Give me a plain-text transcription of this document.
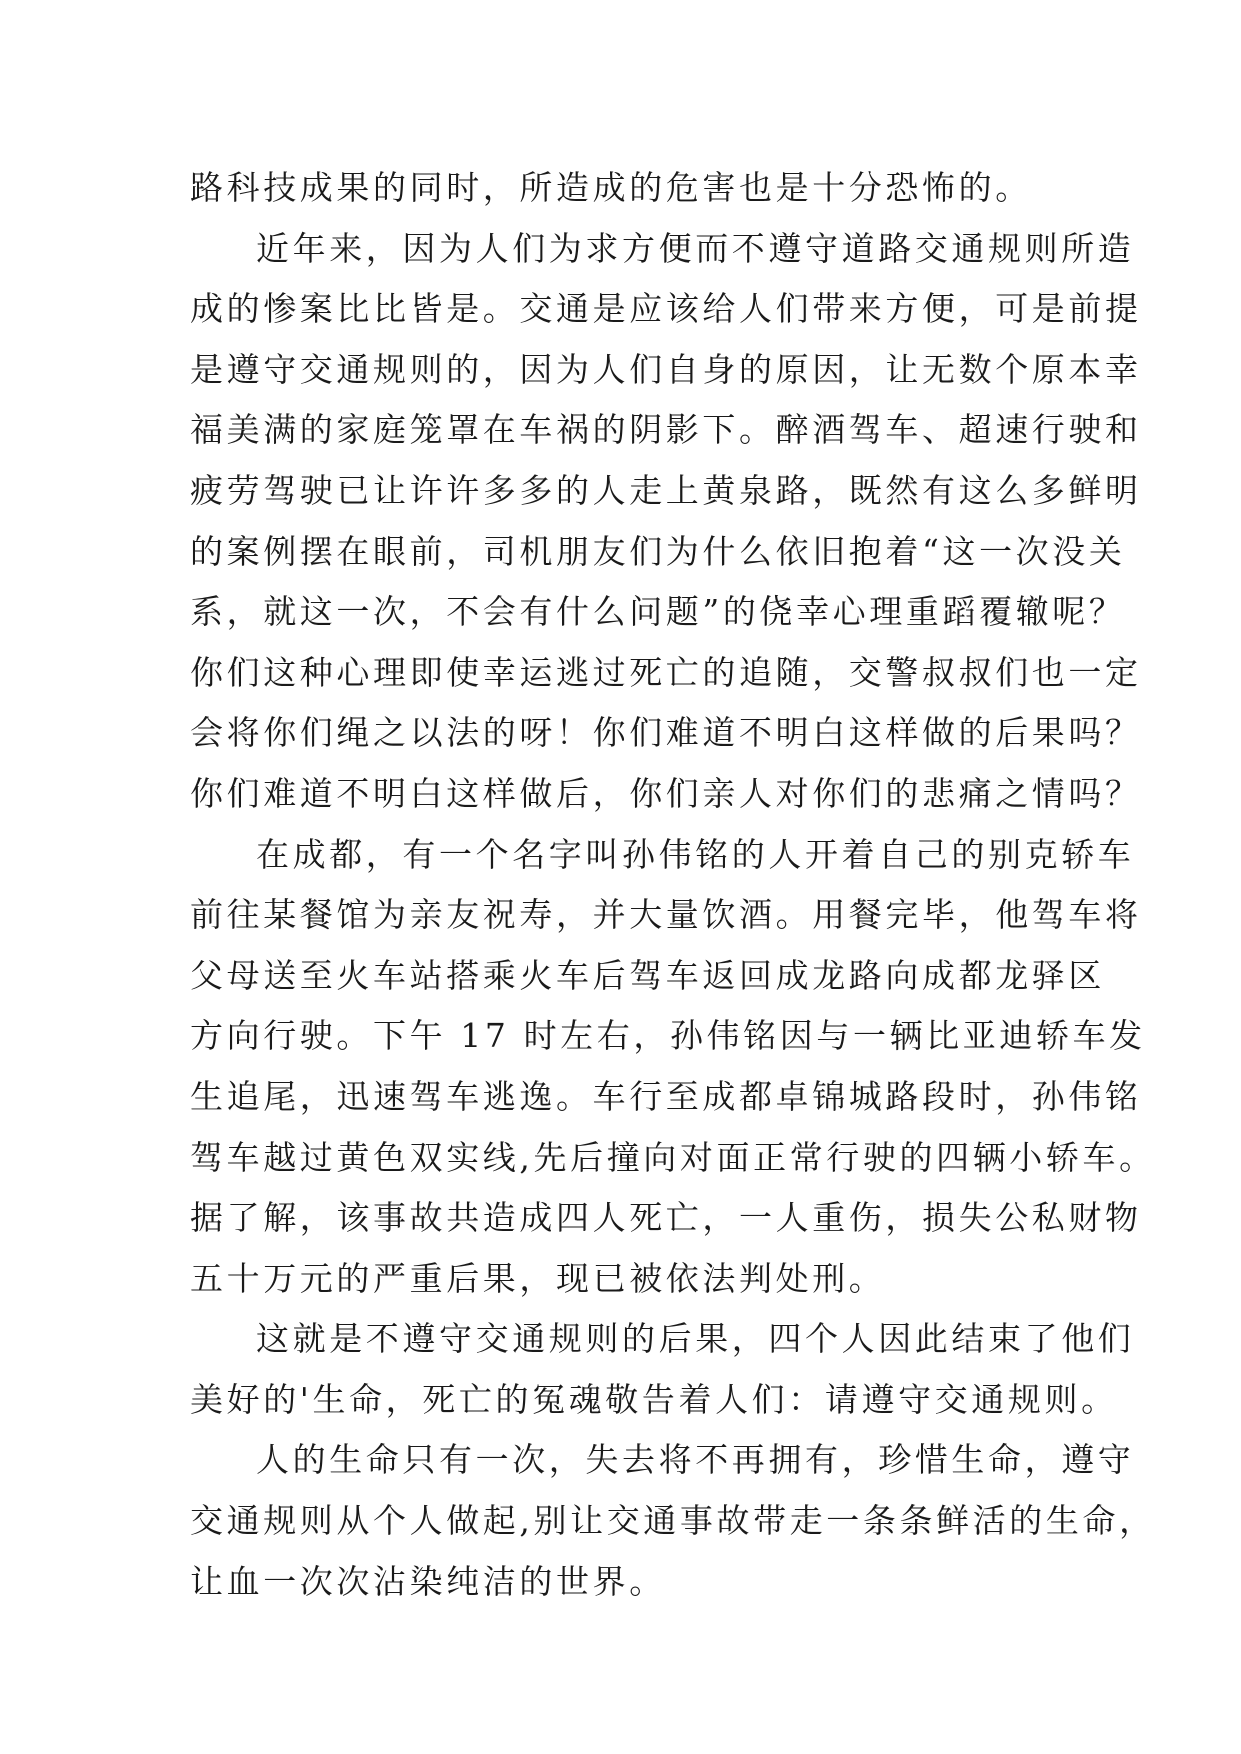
路科技成果的同时，所造成的危害也是十分恐怖的。
近年来，因为人们为求方便而不遵守道路交通规则所造
成的惨案比比皆是。交通是应该给人们带来方便，可是前提
是遵守交通规则的，因为人们自身的原因，让无数个原本幸
福美满的家庭笼罩在车祸的阴影下。醉酒驾车、超速行驶和
疲劳驾驶已让许许多多的人走上黄泉路，既然有这么多鲜明
的案例摆在眼前，司机朋友们为什么依旧抱着“这一次没关
系，就这一次，不会有什么问题”的侥幸心理重蹈覆辙呢？
你们这种心理即使幸运逃过死亡的追随，交警叔叔们也一定
会将你们绳之以法的呀！你们难道不明白这样做的后果吗？
你们难道不明白这样做后，你们亲人对你们的悲痛之情吗？
在成都，有一个名字叫孙伟铭的人开着自己的别克轿车
前往某餐馆为亲友祝寿，并大量饮酒。用餐完毕，他驾车将
父母送至火车站搭乘火车后驾车返回成龙路向成都龙驿区
方向行驶。下午 17 时左右，孙伟铭因与一辆比亚迪轿车发
生追尾，迅速驾车逃逸。车行至成都卓锦城路段时，孙伟铭
驾车越过黄色双实线,先后撞向对面正常行驶的四辆小轿车。
据了解，该事故共造成四人死亡，一人重伤，损失公私财物
五十万元的严重后果，现已被依法判处刑。
这就是不遵守交通规则的后果，四个人因此结束了他们
美好的'生命，死亡的冤魂敬告着人们：请遵守交通规则。
人的生命只有一次，失去将不再拥有，珍惜生命，遵守
交通规则从个人做起,别让交通事故带走一条条鲜活的生命，
让血一次次沾染纯洁的世界。
